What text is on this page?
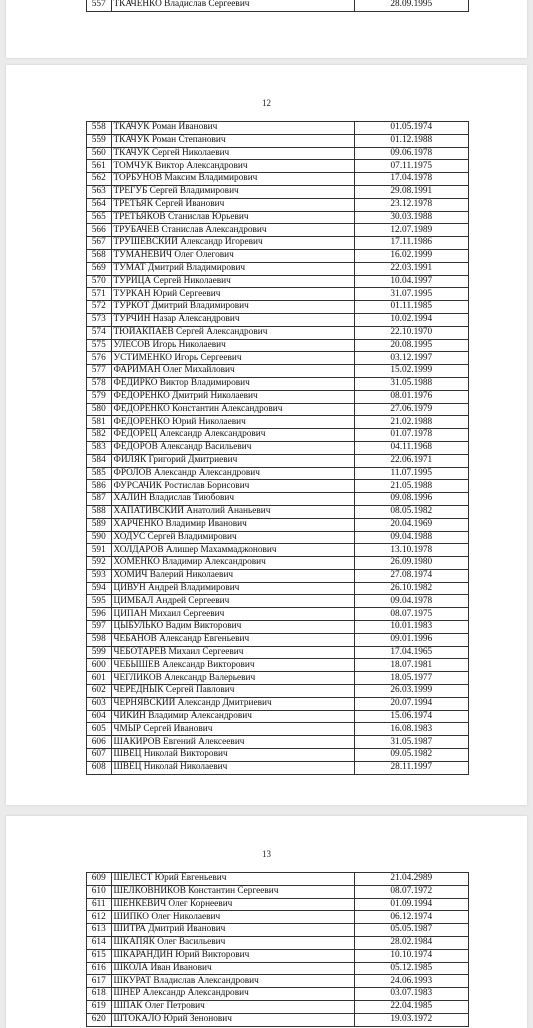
557	ТКАЧЕНКО Владислав Сергеевич	28.09.1995
12
558	ТКАЧУК Роман Иванович	01.05.1974
559	ТКАЧУК Роман Степанович	01.12.1988
560	ТКАЧУК Сергей Николаевич	09.06.1978
561	ТОМЧУК Виктор Александрович	07.11.1975
562	ТОРБУНОВ Максим Владимирович	17.04.1978
563	ТРЕГУБ Сергей Владимирович	29.08.1991
564	ТРЕТЬЯК Сергей Иванович	23.12.1978
565	ТРЕТЬЯКОВ Станислав Юрьевич	30.03.1988
566	ТРУБАЧЕВ Станислав Александрович	12.07.1989
567	ТРУШЕВСКИЙ Александр Игоревич	17.11.1986
568	ТУМАНЕВИЧ Олег Олегович	16.02.1999
569	ТУМАТ Дмитрий Владимирович	22.03.1991
570	ТУРИЦА Сергей Николаевич	10.04.1997
571	ТУРКАН Юрий Сергеевич	31.07.1995
572	ТУРКОТ Дмитрий Владимирович	01.11.1985
573	ТУРЧИН Назар Александрович	10.02.1994
574	ТЮЙАКПАЕВ Сергей Александрович	22.10.1970
575	УЛЕСОВ Игорь Николаевич	20.08.1995
576	УСТИМЕНКО Игорь Сергеевич	03.12.1997
577	ФАРИМАН Олег Михайлович	15.02.1999
578	ФЕДИРКО Виктор Владимирович	31.05.1988
579	ФЕДОРЕНКО Дмитрий Николаевич	08.01.1976
580	ФЕДОРЕНКО Константин Александрович	27.06.1979
581	ФЕДОРЕНКО Юрий Николаевич	21.02.1988
582	ФЕДОРЕЦ Александр Александрович	01.07.1978
583	ФЕДОРОВ Александр Васильевич	04.11.1968
584	ФИЛЯК Григорий Дмитриевич	22.06.1971
585	ФРОЛОВ Александр Александрович	11.07.1995
586	ФУРСАЧИК Ростислав Борисович	21.05.1988
587	ХАЛИН Владислав Тиюбович	09.08.1996
588	ХАПАТИВСКИЙ Анатолий Ананьевич	08.05.1982
589	ХАРЧЕНКО Владимир Иванович	20.04.1969
590	ХОДУС Сергей Владимирович	09.04.1988
591	ХОЛДАРОВ Алишер Махаммаджонович	13.10.1978
592	ХОМЕНКО Владимир Александрович	26.09.1980
593	ХОМИЧ Валерий Николаевич	27.08.1974
594	ЦИВУН Андрей Владимирович	26.10.1982
595	ЦИМБАЛ Андрей Сергеевич	09.04.1978
596	ЦИПАН Михаил Сергеевич	08.07.1975
597	ЦЫБУЛЬКО Вадим Викторович	10.01.1983
598	ЧЕБАНОВ Александр Евгеньевич	09.01.1996
599	ЧЕБОТАРЕВ Михаил Сергеевич	17.04.1965
600	ЧЕБЫШЕВ Александр Викторович	18.07.1981
601	ЧЕГЛИКОВ Александр Валерьевич	18.05.1977
602	ЧЕРЕДНЫК Сергей Павлович	26.03.1999
603	ЧЕРНЯВСКИЙ Александр Дмитриевич	20.07.1994
604	ЧИКИН Владимир Александрович	15.06.1974
605	ЧМЫР Сергей Иванович	16.08.1983
606	ШАКИРОВ Евгений Алексеевич	31.05.1987
607	ШВЕЦ Николай Викторович	09.05.1982
608	ШВЕЦ Николай Николаевич	28.11.1997
13
609	ШЕЛЕСТ Юрий Евгеньевич	21.04.2989
610	ШЕЛКОВНИКОВ Константин Сергеевич	08.07.1972
611	ШЕНКЕВИЧ Олег Корнеевич	01.09.1994
612	ШИПКО Олег Николаевич	06.12.1974
613	ШИТРА Дмитрий Иванович	05.05.1987
614	ШКАПЯК Олег Васильевич	28.02.1984
615	ШКАРАНДИН Юрий Викторович	10.10.1974
616	ШКОЛА Иван Иванович	05.12.1985
617	ШКУРАТ Владислав Александрович	24.06.1993
618	ШНЕР Александр Александрович	03.07.1983
619	ШПАК Олег Петрович	22.04.1985
620	ШТОКАЛО Юрий Зенонович	19.03.1972
